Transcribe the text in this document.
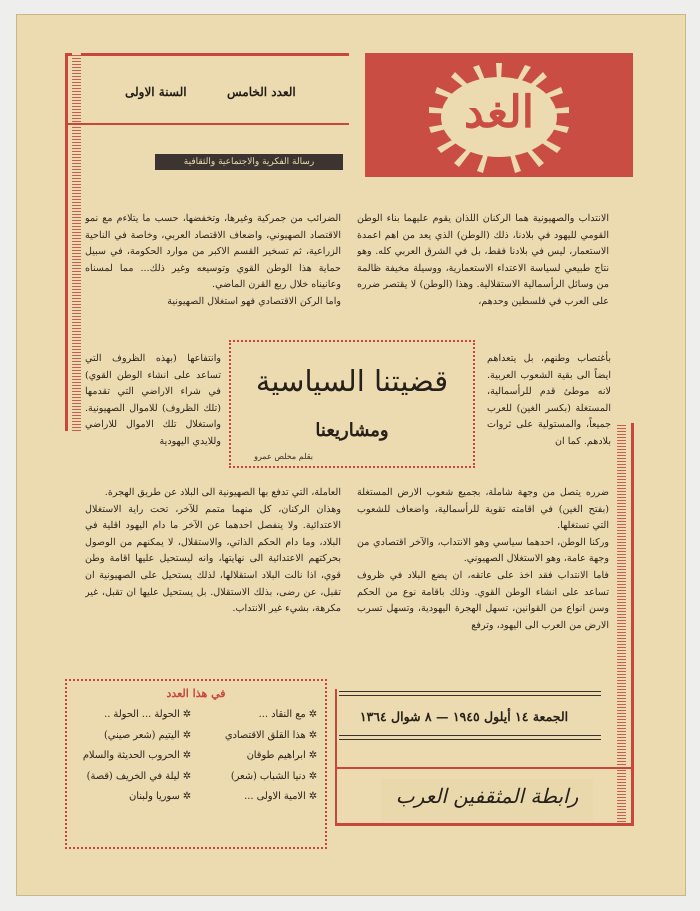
العدد الخامس
السنة الاولى	الغد
رسالة الفكرية والاجتماعية والثقافية
الانتداب والصهيونية هما الركنان اللذان يقوم عليهما بناء الوطن القومي لليهود في بلادنا، ذلك (الوطن) الذي يعد من اهم اعمدة الاستعمار، ليس في بلادنا فقط، بل في الشرق العربي كله. وهو نتاج طبيعي لسياسة الاعتداء الاستعمارية، ووسيلة مخيفة ظالمة من وسائل الرأسمالية الاستقلالية. وهذا (الوطن) لا يقتصر ضرره على العرب في فلسطين وحدهم،
بأغتصاب وطنهم، بل يتعداهم ايضاً الى بقية الشعوب العربية. لانه موطئ قدم للرأسمالية، المستغلة (بكسر الغين) للعرب جميعاً، والمستولية على ثروات بلادهم. كما ان
ضرره يتصل من وجهة شاملة، بجميع شعوب الارض المستغلة (بفتح الغين) في اقامته تقوية للرأسمالية، واضعاف للشعوب التي تستغلها.
وركنا الوطن، احدهما سياسي وهو الانتداب، والآخر اقتصادي من وجهة عامة، وهو الاستغلال الصهيوني.
فاما الانتداب فقد اخذ على عاتقه، ان يضع البلاد في ظروف تساعد على انشاء الوطن القوي. وذلك باقامة نوع من الحكم وسن انواع من القوانين، تسهل الهجرة اليهودية، وتسهل تسرب الارض من العرب الى اليهود، وترفع
الضرائب من جمركية وغيرها، وتخفضها، حسب ما يتلاءم مع نمو الاقتصاد الصهيوني، واضعاف الاقتصاد العربي، وخاصة في الناحية الزراعية، ثم تسخير القسم الاكبر من موارد الحكومة، في سبيل حماية هذا الوطن القوي وتوسيعه وغير ذلك... مما لمسناه وعانيناه خلال ربع القرن الماضي.
واما الركن الاقتصادي فهو استغلال الصهيونية
وانتفاعها (بهذه الظروف التي تساعد على انشاء الوطن القوي) في شراء الاراضي التي تقدمها (تلك الظروف) للاموال الصهيونية. واستغلال تلك الاموال للاراضي وللايدي اليهودية
العاملة، التي تدفع بها الصهيونية الى البلاد عن طريق الهجرة.
وهذان الركنان، كل منهما متمم للآخر، تحت راية الاستغلال الاعتدائية. ولا ينفصل احدهما عن الآخر ما دام اليهود اقلية في البلاد، وما دام الحكم الذاتي، والاستقلال، لا يمكنهم من الوصول بحركتهم الاعتدائية الى نهايتها، وانه ليستحيل عليها اقامة وطن قوي، اذا نالت البلاد استقلالها، لذلك يستحيل على الصهيونية ان تقبل، عن رضى، بذلك الاستقلال. بل يستحيل عليها ان تقبل، غير مكرهة، بشيء غير الانتداب.
قضيتنا السياسية
ومشاريعنا
بقلم مخلص عمرو
في هذا العدد
✲ مع النقاد ...
✲ هذا القلق الاقتصادي
✲ ابراهيم طوقان
✲ دنيا الشباب (شعر)
✲ الامية الاولى ...
✲ الحولة ... الحولة ..
✲ اليتيم (شعر صيني)
✲ الحروب الحديثة والسلام
✲ ليلة في الخريف (قصة)
✲ سوريا ولبنان
الجمعة ١٤ أيلول ١٩٤٥ — ٨ شوال ١٣٦٤
رابطة المثقفين العرب
